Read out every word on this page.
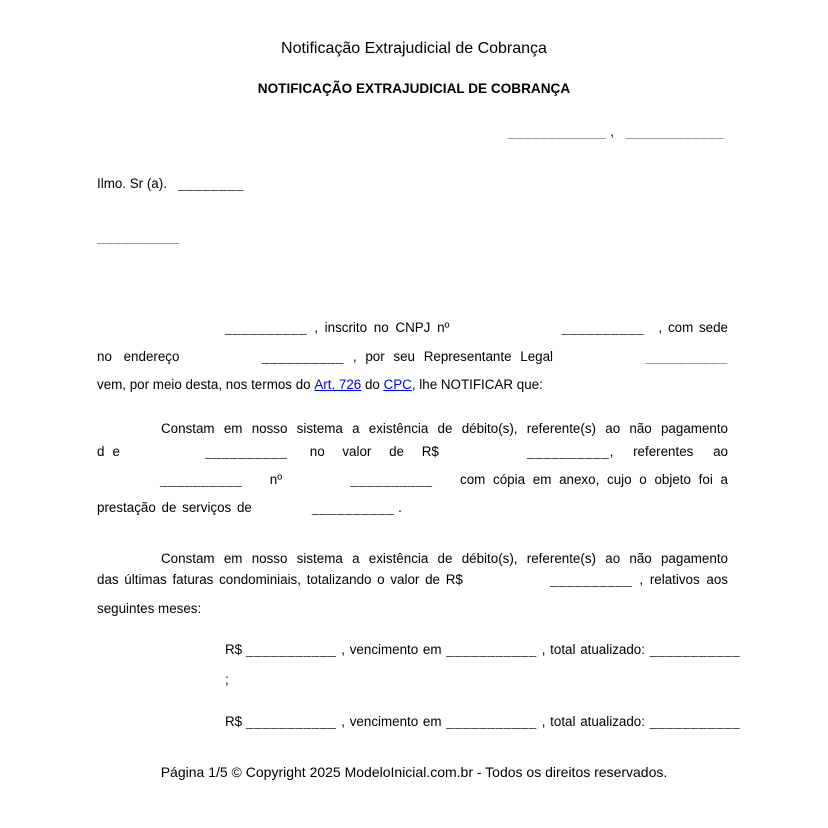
Notificação Extrajudicial de Cobrança
NOTIFICAÇÃO EXTRAJUDICIAL DE COBRANÇA
____________ , ____________
Ilmo. Sr (a). ________
__________
__________ , inscrito no CNPJ nº	__________ , com sede
no endereço	__________ , por seu Representante Legal	__________
vem, por meio desta, nos termos do Art. 726 do CPC , lhe NOTIFICAR que:
Constam em nosso sistema a existência de débito(s), referente(s) ao não pagamento
de	__________ no valor de R$	__________ , referentes ao
__________ nº	__________ com cópia em anexo, cujo o objeto foi a
prestação de serviços de	__________ .
Constam em nosso sistema a existência de débito(s), referente(s) ao não pagamento
das últimas faturas condominiais, totalizando o valor de R$	__________ , relativos aos
seguintes meses:
R$ ___________ , vencimento em ___________ , total atualizado: ___________
;
R$ ___________ , vencimento em ___________ , total atualizado: ___________
Página 1/5 © Copyright 2025 ModeloInicial.com.br - Todos os direitos reservados.
